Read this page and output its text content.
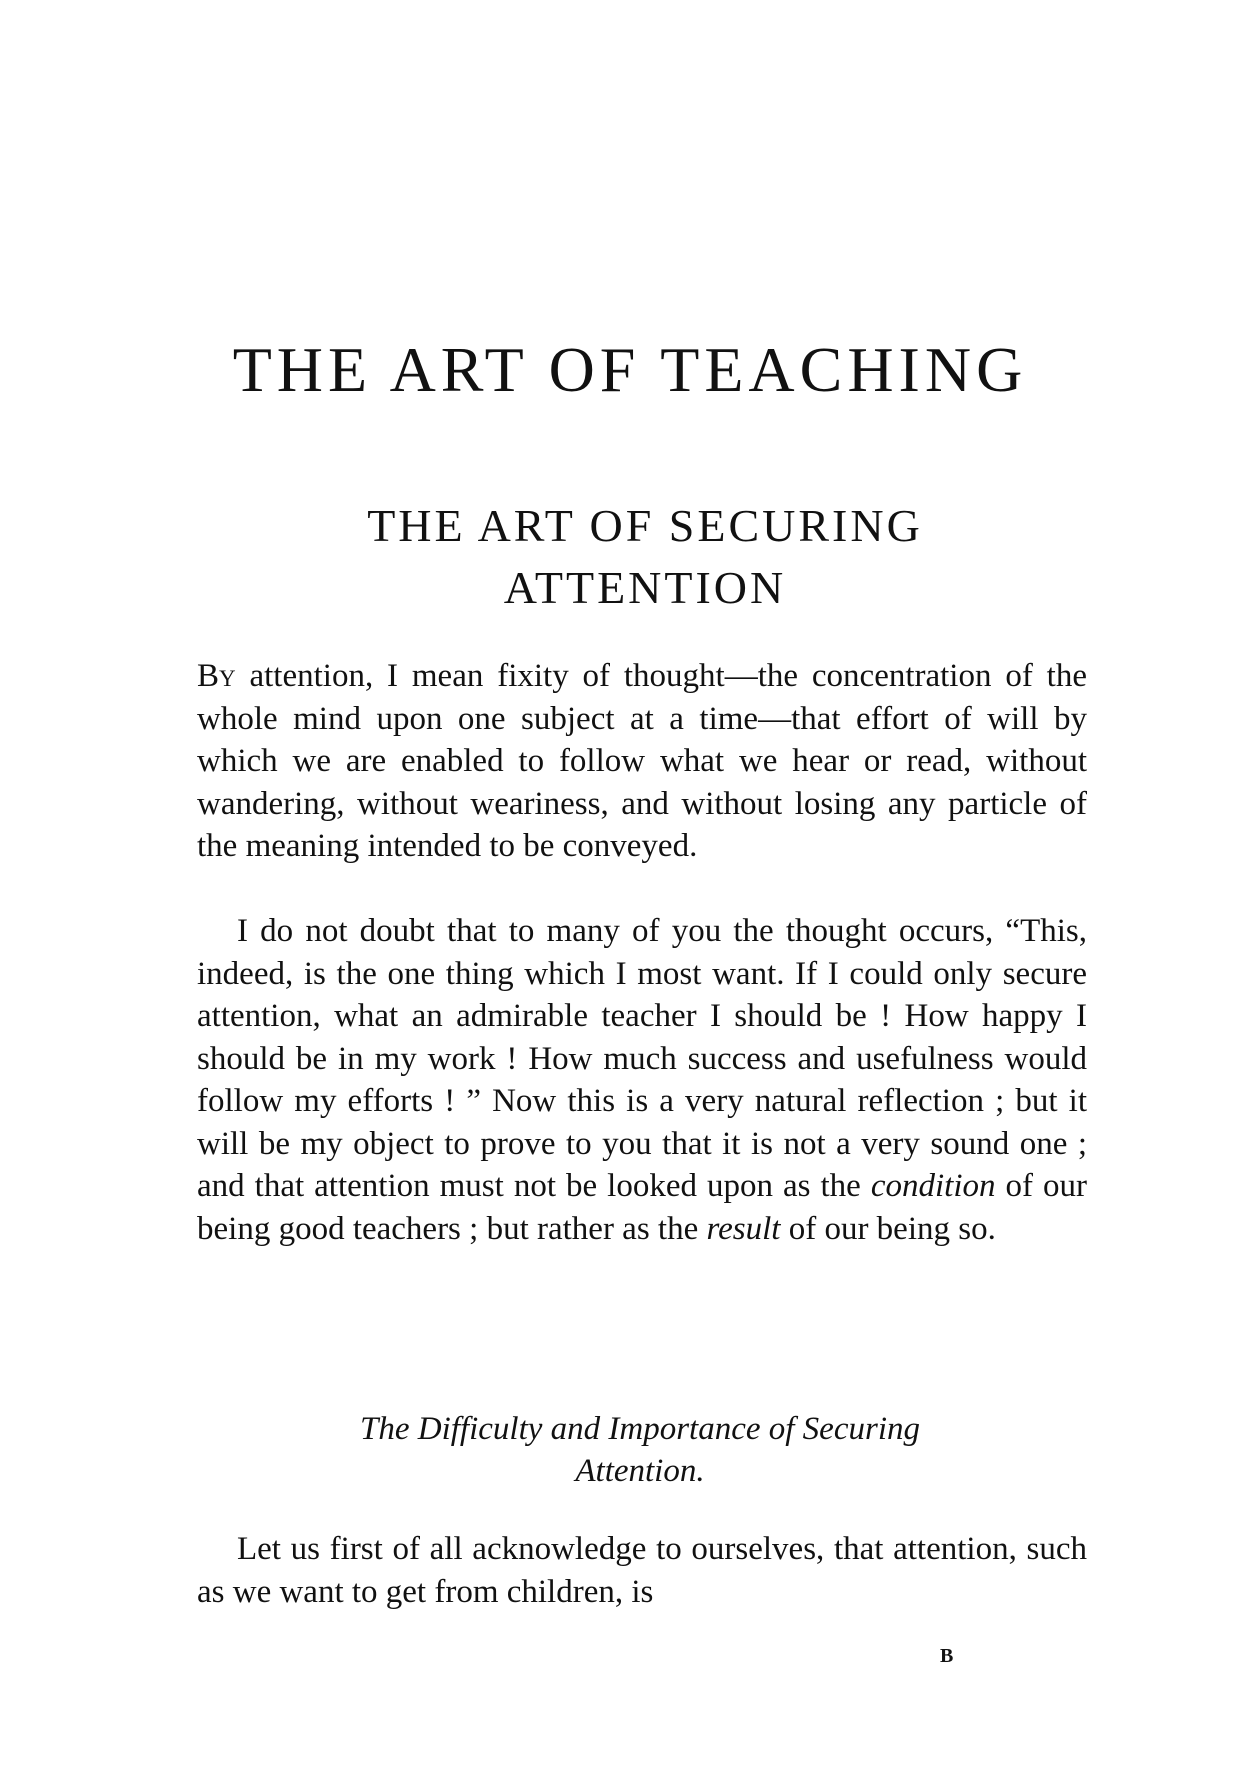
THE ART OF TEACHING
THE ART OF SECURING
ATTENTION

By attention, I mean fixity of thought—the concentration of the whole mind upon one subject at a time—that effort of will by which we are enabled to follow what we hear or read, without wandering, without weariness, and without losing any particle of the meaning intended to be conveyed.

I do not doubt that to many of you the thought occurs, “This, indeed, is the one thing which I most want. If I could only secure attention, what an admirable teacher I should be ! How happy I should be in my work ! How much success and usefulness would follow my efforts ! ” Now this is a very natural reflection ; but it will be my object to prove to you that it is not a very sound one ; and that attention must not be looked upon as the condition of our being good teachers ; but rather as the result of our being so.

The Difficulty and Importance of Securing
Attention.

Let us first of all acknowledge to ourselves, that attention, such as we want to get from children, is

B
